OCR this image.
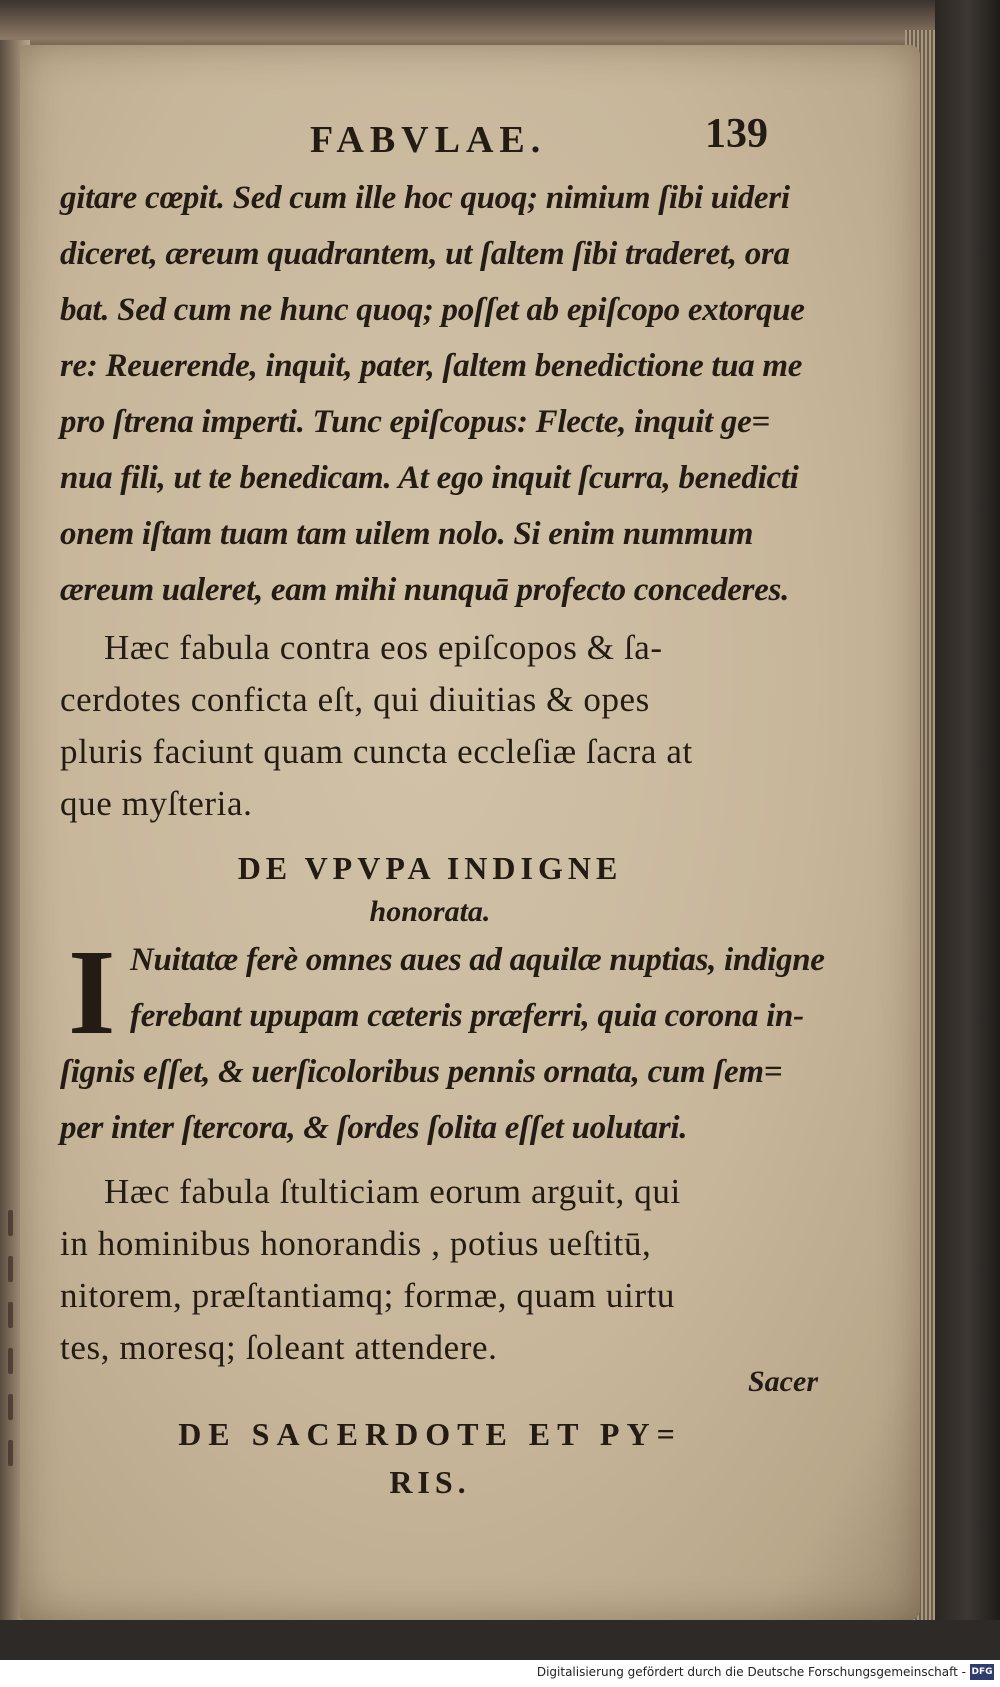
FABVLAE.	139

gitare cœpit. Sed cum ille hoc quoq; nimium ſibi uideri

diceret, æreum quadrantem, ut ſaltem ſibi traderet, ora

bat. Sed cum ne hunc quoq; poſſet ab epiſcopo extorque

re: Reuerende, inquit, pater, ſaltem benedictione tua me

pro ſtrena imperti. Tunc epiſcopus: Flecte, inquit ge=

nua fili, ut te benedicam. At ego inquit ſcurra, benedicti

onem iſtam tuam tam uilem nolo. Si enim nummum

æreum ualeret, eam mihi nunquā profecto concederes.

Hæc fabula contra eos epiſcopos & ſa-

cerdotes conficta eſt, qui diuitias & opes

pluris faciunt quam cuncta eccleſiæ ſacra at

que myſteria.

DE VPVPA INDIGNE

honorata.

I Nuitatæ ferè omnes aues ad aquilæ nuptias, indigne

ferebant upupam cæteris præferri, quia corona in-

ſignis eſſet, & uerſicoloribus pennis ornata, cum ſem=

per inter ſtercora, & ſordes ſolita eſſet uolutari.

Hæc fabula ſtulticiam eorum arguit, qui

in hominibus honorandis , potius ueſtitū,

nitorem, præſtantiamq; formæ, quam uirtu

tes, moresq; ſoleant attendere.

DE SACERDOTE ET PY=

RIS.

Sacer
Digitalisierung gefördert durch die Deutsche Forschungsgemeinschaft - DFG
